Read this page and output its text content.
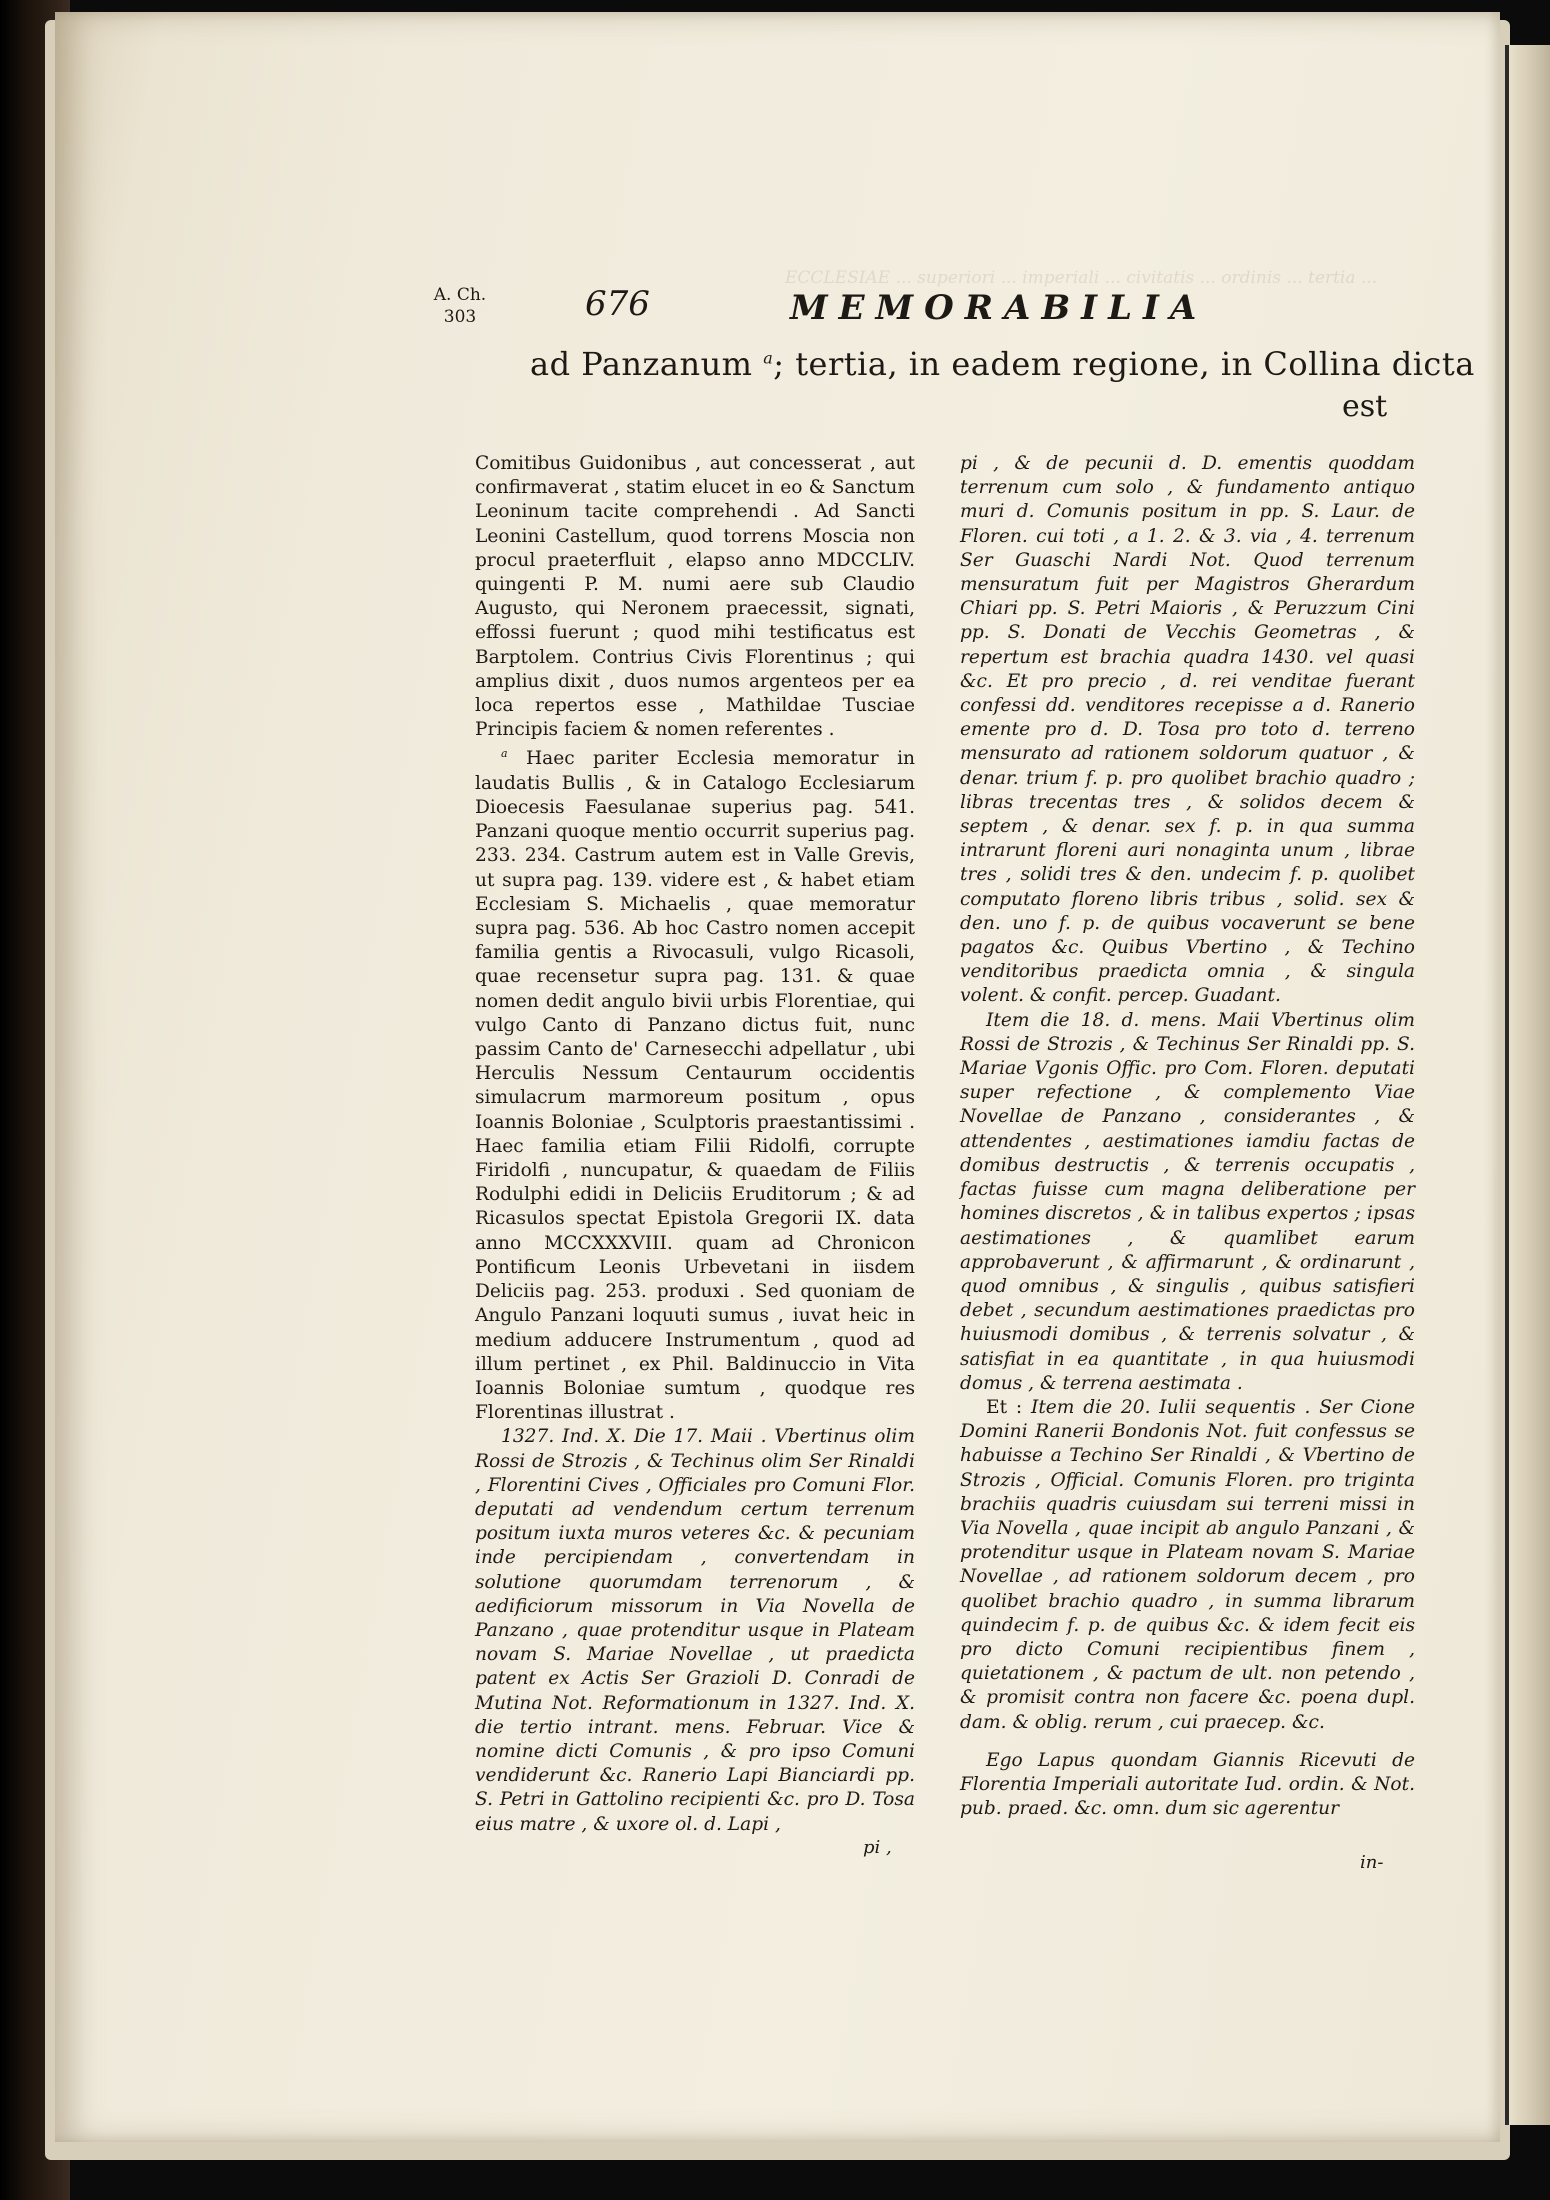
ECCLESIAE ... superiori ... imperiali ... civitatis ... ordinis ... tertia ...
A. Ch.
303	676	MEMORABILIA
ad Panzanum $^a$; tertia, in eadem regione, in Collina dicta
est

Comitibus Guidonibus , aut concesserat , aut confirmaverat , statim elucet in eo & Sanctum Leoninum tacite comprehendi . Ad Sancti Leonini Castellum, quod torrens Moscia non procul praeterfluit , elapso anno MDCCLIV. quingenti P. M. numi aere sub Claudio Augusto, qui Neronem praecessit, signati, effossi fuerunt ; quod mihi testificatus est Barptolem. Contrius Civis Florentinus ; qui amplius dixit , duos numos argenteos per ea loca repertos esse , Mathildae Tusciae Principis faciem & nomen referentes .

$^a$ Haec pariter Ecclesia memoratur in laudatis Bullis , & in Catalogo Ecclesiarum Dioecesis Faesulanae superius pag. 541. Panzani quoque mentio occurrit superius pag. 233. 234. Castrum autem est in Valle Grevis, ut supra pag. 139. videre est , & habet etiam Ecclesiam S. Michaelis , quae memoratur supra pag. 536. Ab hoc Castro nomen accepit familia gentis a Rivocasuli, vulgo Ricasoli, quae recensetur supra pag. 131. & quae nomen dedit angulo bivii urbis Florentiae, qui vulgo Canto di Panzano dictus fuit, nunc passim Canto de' Carnesecchi adpellatur , ubi Herculis Nessum Centaurum occidentis simulacrum marmoreum positum , opus Ioannis Boloniae , Sculptoris praestantissimi . Haec familia etiam Filii Ridolfi, corrupte Firidolfi , nuncupatur, & quaedam de Filiis Rodulphi edidi in Deliciis Eruditorum ; & ad Ricasulos spectat Epistola Gregorii IX. data anno MCCXXXVIII. quam ad Chronicon Pontificum Leonis Urbevetani in iisdem Deliciis pag. 253. produxi . Sed quoniam de Angulo Panzani loquuti sumus , iuvat heic in medium adducere Instrumentum , quod ad illum pertinet , ex Phil. Baldinuccio in Vita Ioannis Boloniae sumtum , quodque res Florentinas illustrat .

1327. Ind. X. Die 17. Maii . Vbertinus olim Rossi de Strozis , & Techinus olim Ser Rinaldi , Florentini Cives , Officiales pro Comuni Flor. deputati ad vendendum certum terrenum positum iuxta muros veteres &c. & pecuniam inde percipiendam , convertendam in solutione quorumdam terrenorum , & aedificiorum missorum in Via Novella de Panzano , quae protenditur usque in Plateam novam S. Mariae Novellae , ut praedicta patent ex Actis Ser Grazioli D. Conradi de Mutina Not. Reformationum in 1327. Ind. X. die tertio intrant. mens. Februar. Vice & nomine dicti Comunis , & pro ipso Comuni vendiderunt &c. Ranerio Lapi Bianciardi pp. S. Petri in Gattolino recipienti &c. pro D. Tosa eius matre , & uxore ol. d. Lapi ,

pi ,

pi , & de pecunii d. D. ementis quoddam terrenum cum solo , & fundamento antiquo muri d. Comunis positum in pp. S. Laur. de Floren. cui toti , a 1. 2. & 3. via , 4. terrenum Ser Guaschi Nardi Not. Quod terrenum mensuratum fuit per Magistros Gherardum Chiari pp. S. Petri Maioris , & Peruzzum Cini pp. S. Donati de Vecchis Geometras , & repertum est brachia quadra 1430. vel quasi &c. Et pro precio , d. rei venditae fuerant confessi dd. venditores recepisse a d. Ranerio emente pro d. D. Tosa pro toto d. terreno mensurato ad rationem soldorum quatuor , & denar. trium f. p. pro quolibet brachio quadro ; libras trecentas tres , & solidos decem & septem , & denar. sex f. p. in qua summa intrarunt floreni auri nonaginta unum , librae tres , solidi tres & den. undecim f. p. quolibet computato floreno libris tribus , solid. sex & den. uno f. p. de quibus vocaverunt se bene pagatos &c. Quibus Vbertino , & Techino venditoribus praedicta omnia , & singula volent. & confit. percep. Guadant.

Item die 18. d. mens. Maii Vbertinus olim Rossi de Strozis , & Techinus Ser Rinaldi pp. S. Mariae Vgonis Offic. pro Com. Floren. deputati super refectione , & complemento Viae Novellae de Panzano , considerantes , & attendentes , aestimationes iamdiu factas de domibus destructis , & terrenis occupatis , factas fuisse cum magna deliberatione per homines discretos , & in talibus expertos ; ipsas aestimationes , & quamlibet earum approbaverunt , & affirmarunt , & ordinarunt , quod omnibus , & singulis , quibus satisfieri debet , secundum aestimationes praedictas pro huiusmodi domibus , & terrenis solvatur , & satisfiat in ea quantitate , in qua huiusmodi domus , & terrena aestimata .

Et : Item die 20. Iulii sequentis . Ser Cione Domini Ranerii Bondonis Not. fuit confessus se habuisse a Techino Ser Rinaldi , & Vbertino de Strozis , Official. Comunis Floren. pro triginta brachiis quadris cuiusdam sui terreni missi in Via Novella , quae incipit ab angulo Panzani , & protenditur usque in Plateam novam S. Mariae Novellae , ad rationem soldorum decem , pro quolibet brachio quadro , in summa librarum quindecim f. p. de quibus &c. & idem fecit eis pro dicto Comuni recipientibus finem , quietationem , & pactum de ult. non petendo , & promisit contra non facere &c. poena dupl. dam. & oblig. rerum , cui praecep. &c.

Ego Lapus quondam Giannis Ricevuti de Florentia Imperiali autoritate Iud. ordin. & Not. pub. praed. &c. omn. dum sic agerentur

in-
